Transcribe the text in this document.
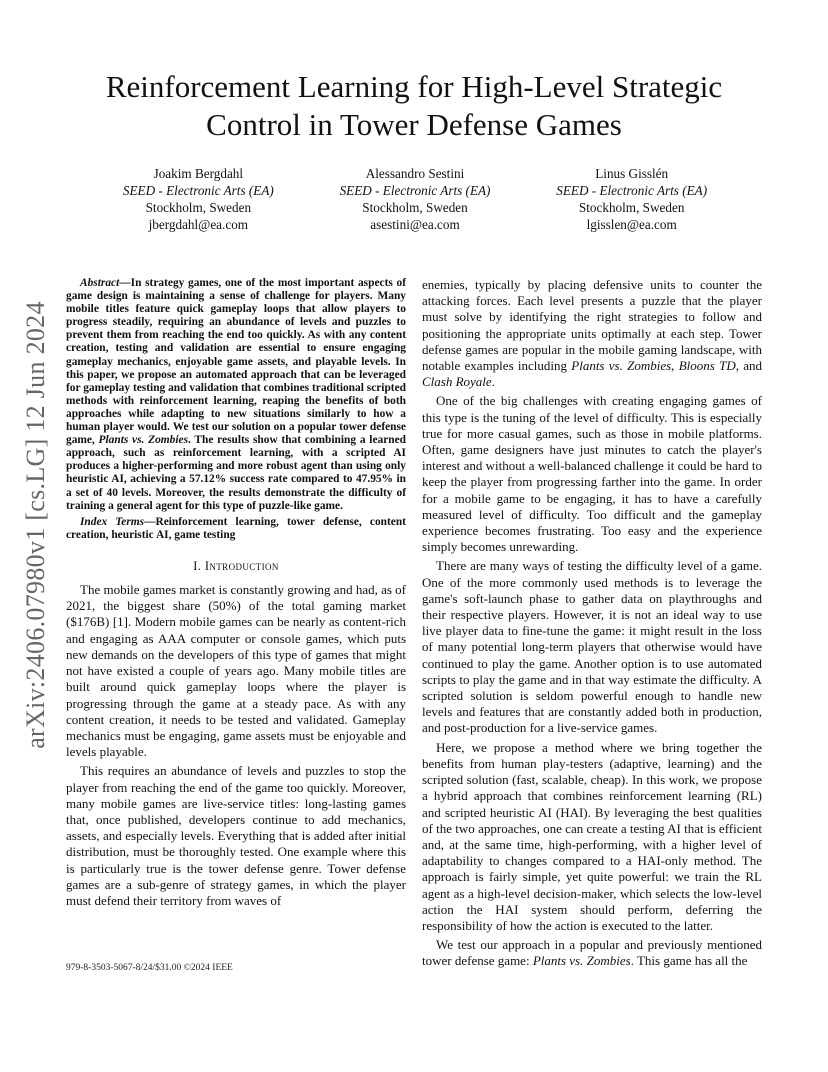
arXiv:2406.07980v1 [cs.LG] 12 Jun 2024
Reinforcement Learning for High-Level Strategic
Control in Tower Defense Games
Joakim Bergdahl
SEED - Electronic Arts (EA)
Stockholm, Sweden
jbergdahl@ea.com
Alessandro Sestini
SEED - Electronic Arts (EA)
Stockholm, Sweden
asestini@ea.com
Linus Gisslén
SEED - Electronic Arts (EA)
Stockholm, Sweden
lgisslen@ea.com

Abstract—In strategy games, one of the most important aspects of game design is maintaining a sense of challenge for players. Many mobile titles feature quick gameplay loops that allow players to progress steadily, requiring an abundance of levels and puzzles to prevent them from reaching the end too quickly. As with any content creation, testing and validation are essential to ensure engaging gameplay mechanics, enjoyable game assets, and playable levels. In this paper, we propose an automated approach that can be leveraged for gameplay testing and validation that combines traditional scripted methods with reinforcement learning, reaping the benefits of both approaches while adapting to new situations similarly to how a human player would. We test our solution on a popular tower defense game, Plants vs. Zombies. The results show that combining a learned approach, such as reinforcement learning, with a scripted AI produces a higher-performing and more robust agent than using only heuristic AI, achieving a 57.12% success rate compared to 47.95% in a set of 40 levels. Moreover, the results demonstrate the difficulty of training a general agent for this type of puzzle-like game.

Index Terms—Reinforcement learning, tower defense, content creation, heuristic AI, game testing

I. Introduction

The mobile games market is constantly growing and had, as of 2021, the biggest share (50%) of the total gaming market ($176B) [1]. Modern mobile games can be nearly as content-rich and engaging as AAA computer or console games, which puts new demands on the developers of this type of games that might not have existed a couple of years ago. Many mobile titles are built around quick gameplay loops where the player is progressing through the game at a steady pace. As with any content creation, it needs to be tested and validated. Gameplay mechanics must be engaging, game assets must be enjoyable and levels playable.

This requires an abundance of levels and puzzles to stop the player from reaching the end of the game too quickly. Moreover, many mobile games are live-service titles: long-lasting games that, once published, developers continue to add mechanics, assets, and especially levels. Everything that is added after initial distribution, must be thoroughly tested. One example where this is particularly true is the tower defense genre. Tower defense games are a sub-genre of strategy games, in which the player must defend their territory from waves of

enemies, typically by placing defensive units to counter the attacking forces. Each level presents a puzzle that the player must solve by identifying the right strategies to follow and positioning the appropriate units optimally at each step. Tower defense games are popular in the mobile gaming landscape, with notable examples including Plants vs. Zombies, Bloons TD, and Clash Royale.

One of the big challenges with creating engaging games of this type is the tuning of the level of difficulty. This is especially true for more casual games, such as those in mobile platforms. Often, game designers have just minutes to catch the player's interest and without a well-balanced challenge it could be hard to keep the player from progressing farther into the game. In order for a mobile game to be engaging, it has to have a carefully measured level of difficulty. Too difficult and the gameplay experience becomes frustrating. Too easy and the experience simply becomes unrewarding.

There are many ways of testing the difficulty level of a game. One of the more commonly used methods is to leverage the game's soft-launch phase to gather data on playthroughs and their respective players. However, it is not an ideal way to use live player data to fine-tune the game: it might result in the loss of many potential long-term players that otherwise would have continued to play the game. Another option is to use automated scripts to play the game and in that way estimate the difficulty. A scripted solution is seldom powerful enough to handle new levels and features that are constantly added both in production, and post-production for a live-service games.

Here, we propose a method where we bring together the benefits from human play-testers (adaptive, learning) and the scripted solution (fast, scalable, cheap). In this work, we propose a hybrid approach that combines reinforcement learning (RL) and scripted heuristic AI (HAI). By leveraging the best qualities of the two approaches, one can create a testing AI that is efficient and, at the same time, high-performing, with a higher level of adaptability to changes compared to a HAI-only method. The approach is fairly simple, yet quite powerful: we train the RL agent as a high-level decision-maker, which selects the low-level action the HAI system should perform, deferring the responsibility of how the action is executed to the latter.

We test our approach in a popular and previously mentioned tower defense game: Plants vs. Zombies. This game has all the

979-8-3503-5067-8/24/$31.00 ©2024 IEEE
